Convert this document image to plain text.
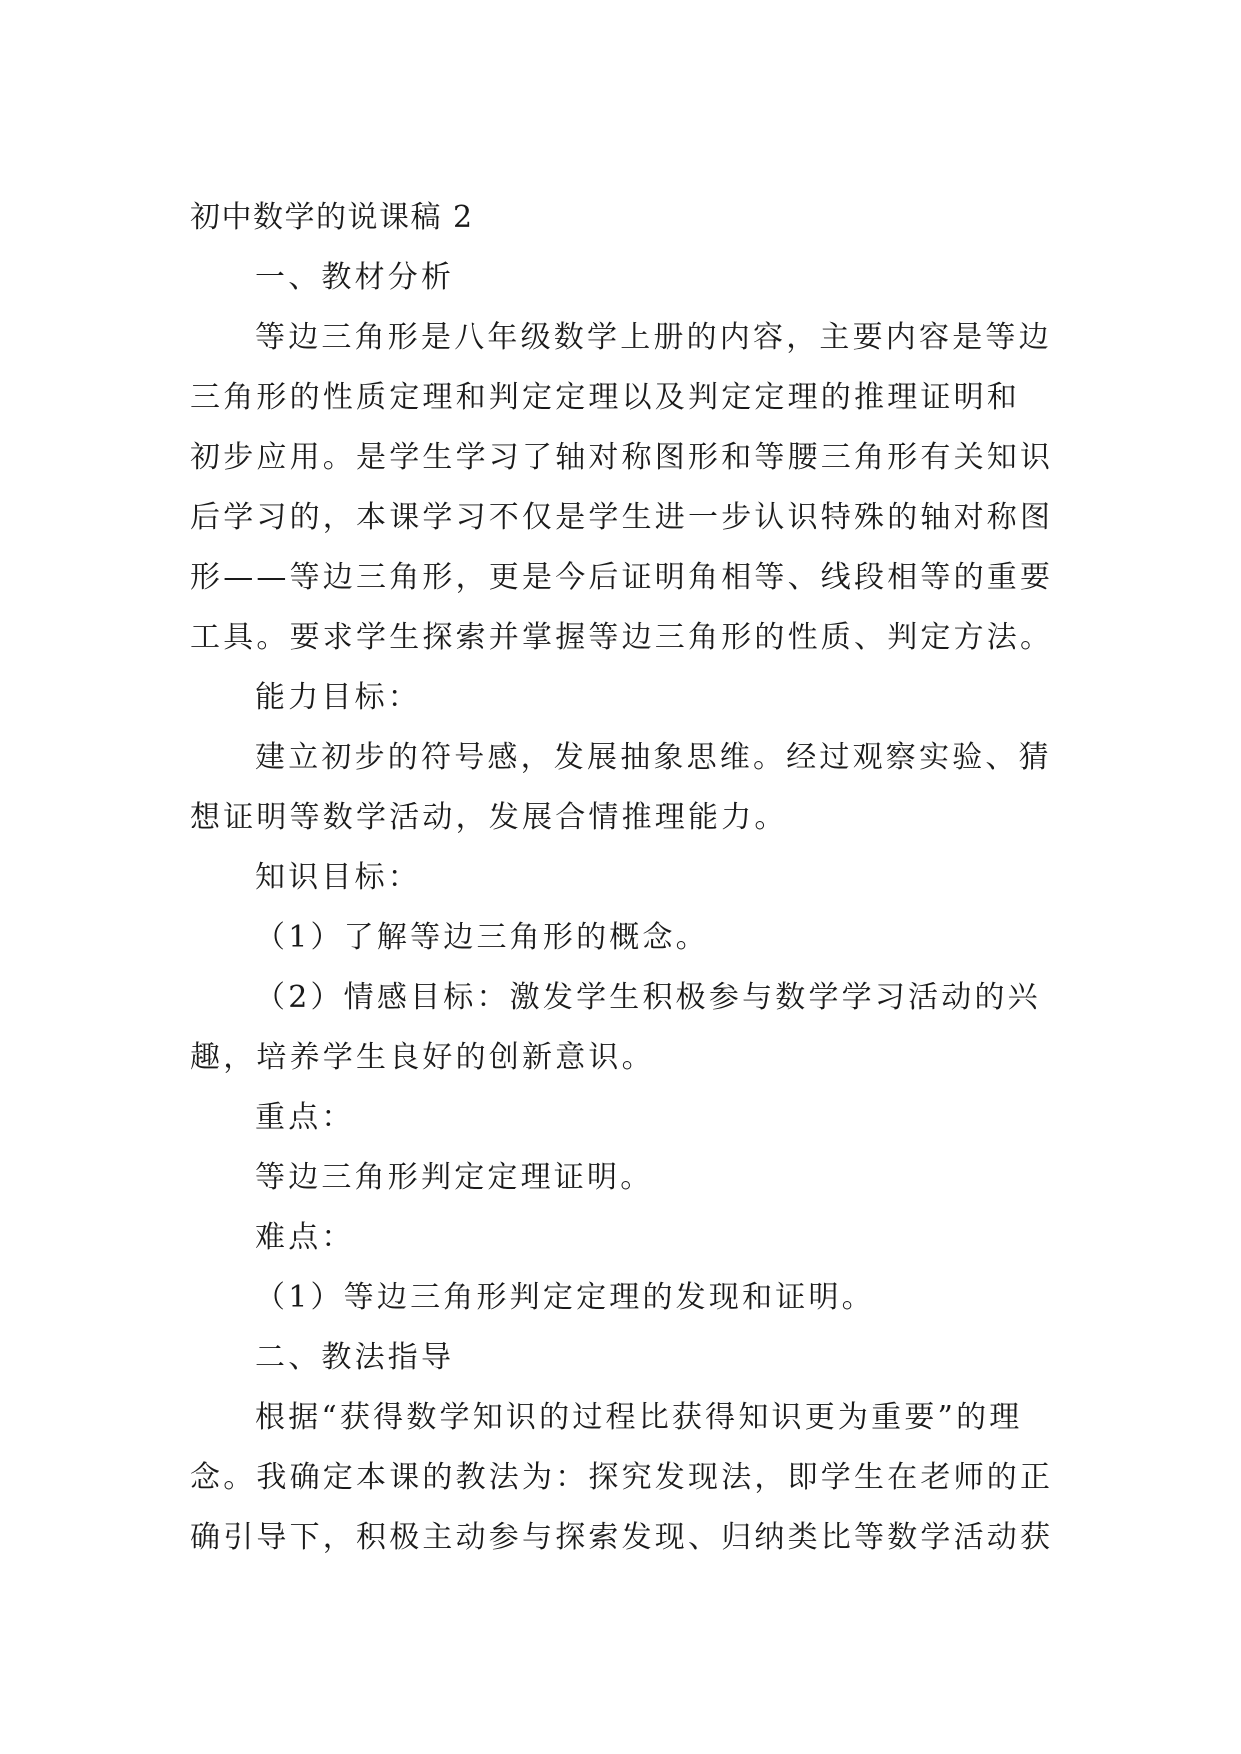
初中数学的说课稿 2
一、教材分析
等边三角形是八年级数学上册的内容，主要内容是等边
三角形的性质定理和判定定理以及判定定理的推理证明和
初步应用。是学生学习了轴对称图形和等腰三角形有关知识
后学习的，本课学习不仅是学生进一步认识特殊的轴对称图
形——等边三角形，更是今后证明角相等、线段相等的重要
工具。要求学生探索并掌握等边三角形的性质、判定方法。
能力目标：
建立初步的符号感，发展抽象思维。经过观察实验、猜
想证明等数学活动，发展合情推理能力。
知识目标：
（1）了解等边三角形的概念。
（2）情感目标：激发学生积极参与数学学习活动的兴
趣，培养学生良好的创新意识。
重点：
等边三角形判定定理证明。
难点：
（1）等边三角形判定定理的发现和证明。
二、教法指导
根据“获得数学知识的过程比获得知识更为重要”的理
念。我确定本课的教法为：探究发现法，即学生在老师的正
确引导下，积极主动参与探索发现、归纳类比等数学活动获
